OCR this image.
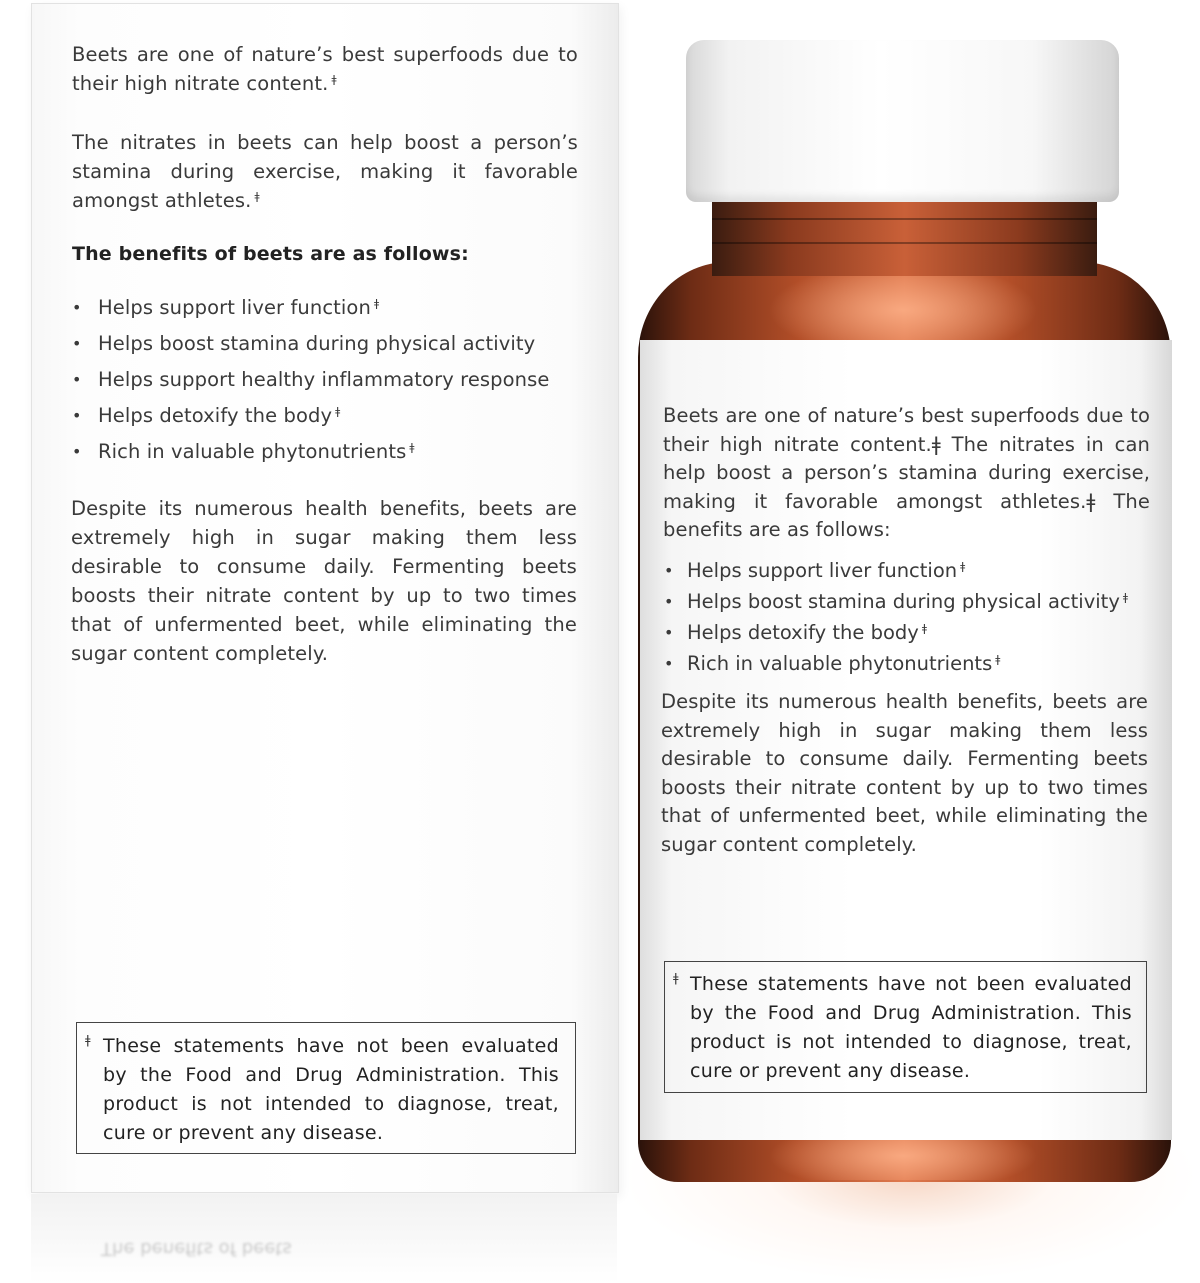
Beets are one of nature’s best superfoods due to their high nitrate content. $^ǂ$

The nitrates in beets can help boost a person’s stamina during exercise, making it favorable amongst athletes. $^ǂ$

The benefits of beets are as follows:

• Helps support liver function $^ǂ$
• Helps boost stamina during physical activity
• Helps support healthy inflammatory response
• Helps detoxify the body $^ǂ$
• Rich in valuable phytonutrients $^ǂ$

Despite its numerous health benefits, beets are extremely high in sugar making them less desirable to consume daily. Fermenting beets boosts their nitrate content by up to two times that of unfermented beet, while eliminating the sugar content completely.

ǂ These statements have not been evaluated by the Food and Drug Administration. This product is not intended to diagnose, treat, cure or prevent any disease.

The benefits of beets

Beets are one of nature’s best superfoods due to their high nitrate content.ǂ The nitrates in can help boost a person’s stamina during exercise, making it favorable amongst athletes.ǂ The benefits are as follows:

• Helps support liver function $^ǂ$
• Helps boost stamina during physical activity $^ǂ$
• Helps detoxify the body $^ǂ$
• Rich in valuable phytonutrients $^ǂ$

Despite its numerous health benefits, beets are extremely high in sugar making them less desirable to consume daily. Fermenting beets boosts their nitrate content by up to two times that of unfermented beet, while eliminating the sugar content completely.

ǂ These statements have not been evaluated by the Food and Drug Administration. This product is not intended to diagnose, treat, cure or prevent any disease.
